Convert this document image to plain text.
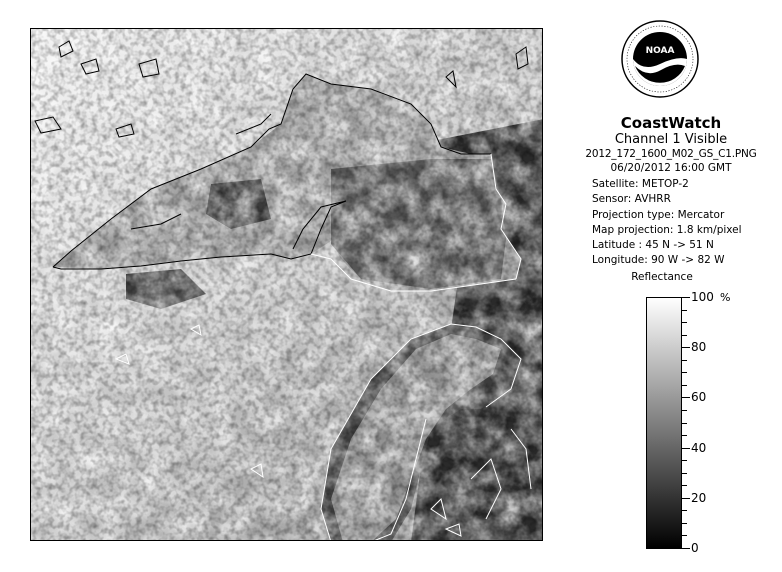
NOAA
CoastWatch
Channel 1 Visible
2012_172_1600_M02_GS_C1.PNG
06/20/2012 16:00 GMT
Satellite: METOP-2
Sensor: AVHRR
Projection type: Mercator
Map projection: 1.8 km/pixel
Latitude : 45 N -> 51 N
Longitude: 90 W -> 82 W
Reflectance
100
80
60
40
20
0
%
